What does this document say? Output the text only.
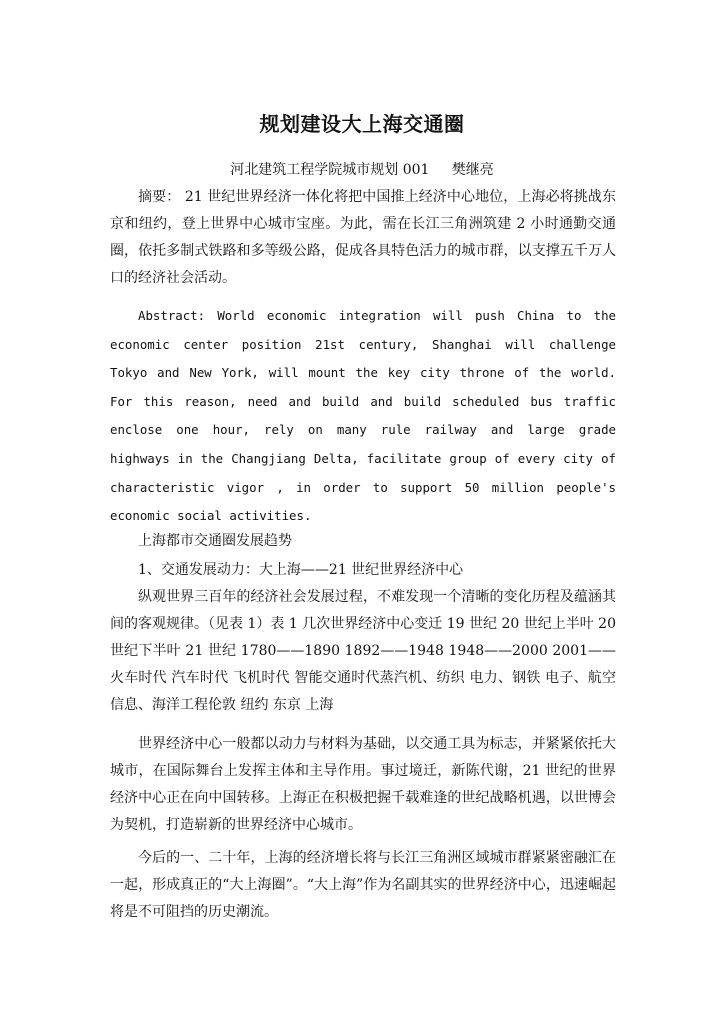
规划建设大上海交通圈
河北建筑工程学院城市规划 001     樊继亮
摘要： 21 世纪世界经济一体化将把中国推上经济中心地位，上海必将挑战东京和纽约，登上世界中心城市宝座。为此，需在长江三角洲筑建 2 小时通勤交通圈，依托多制式铁路和多等级公路，促成各具特色活力的城市群，以支撑五千万人口的经济社会活动。
Abstract: World economic integration will push China to the economic center position 21st century, Shanghai will challenge Tokyo and New York, will mount the key city throne of the world. For this reason, need and build and build scheduled bus traffic enclose one hour, rely on many rule railway and large grade highways in the Changjiang Delta, facilitate group of every city of characteristic vigor , in order to support 50 million people's economic social activities.
上海都市交通圈发展趋势
1、交通发展动力：大上海——21 世纪世界经济中心
纵观世界三百年的经济社会发展过程，不难发现一个清晰的变化历程及蕴涵其间的客观规律。（见表 1）表 1 几次世界经济中心变迁 19 世纪 20 世纪上半叶 20 世纪下半叶 21 世纪 1780——1890 1892——1948 1948——2000 2001—— 火车时代 汽车时代 飞机时代 智能交通时代蒸汽机、纺织 电力、钢铁 电子、航空 信息、海洋工程伦敦 纽约 东京 上海
世界经济中心一般都以动力与材料为基础，以交通工具为标志，并紧紧依托大城市，在国际舞台上发挥主体和主导作用。事过境迁，新陈代谢，21 世纪的世界经济中心正在向中国转移。上海正在积极把握千载难逢的世纪战略机遇，以世博会为契机，打造崭新的世界经济中心城市。
今后的一、二十年，上海的经济增长将与长江三角洲区域城市群紧紧密融汇在一起，形成真正的“大上海圈”。“大上海”作为名副其实的世界经济中心，迅速崛起将是不可阻挡的历史潮流。
